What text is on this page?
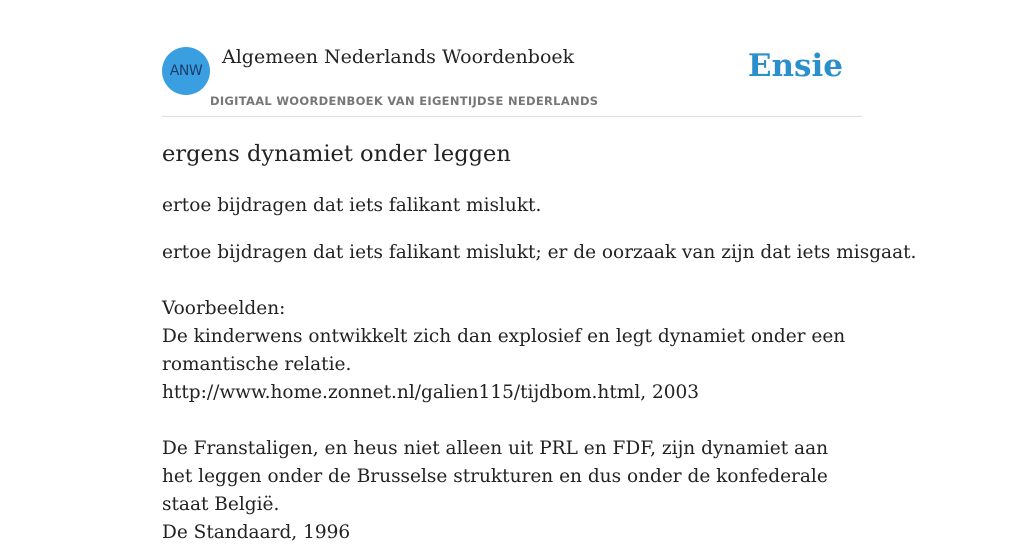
ANW
Algemeen Nederlands Woordenboek
DIGITAAL WOORDENBOEK VAN EIGENTIJDSE NEDERLANDS
Ensie
ergens dynamiet onder leggen

ertoe bijdragen dat iets falikant mislukt.

ertoe bijdragen dat iets falikant mislukt; er de oorzaak van zijn dat iets misgaat.

Voorbeelden:

De kinderwens ontwikkelt zich dan explosief en legt dynamiet onder een romantische relatie.

http://www.home.zonnet.nl/galien115/tijdbom.html, 2003

De Franstaligen, en heus niet alleen uit PRL en FDF, zijn dynamiet aan het leggen onder de Brusselse strukturen en dus onder de konfederale staat België.

De Standaard, 1996
